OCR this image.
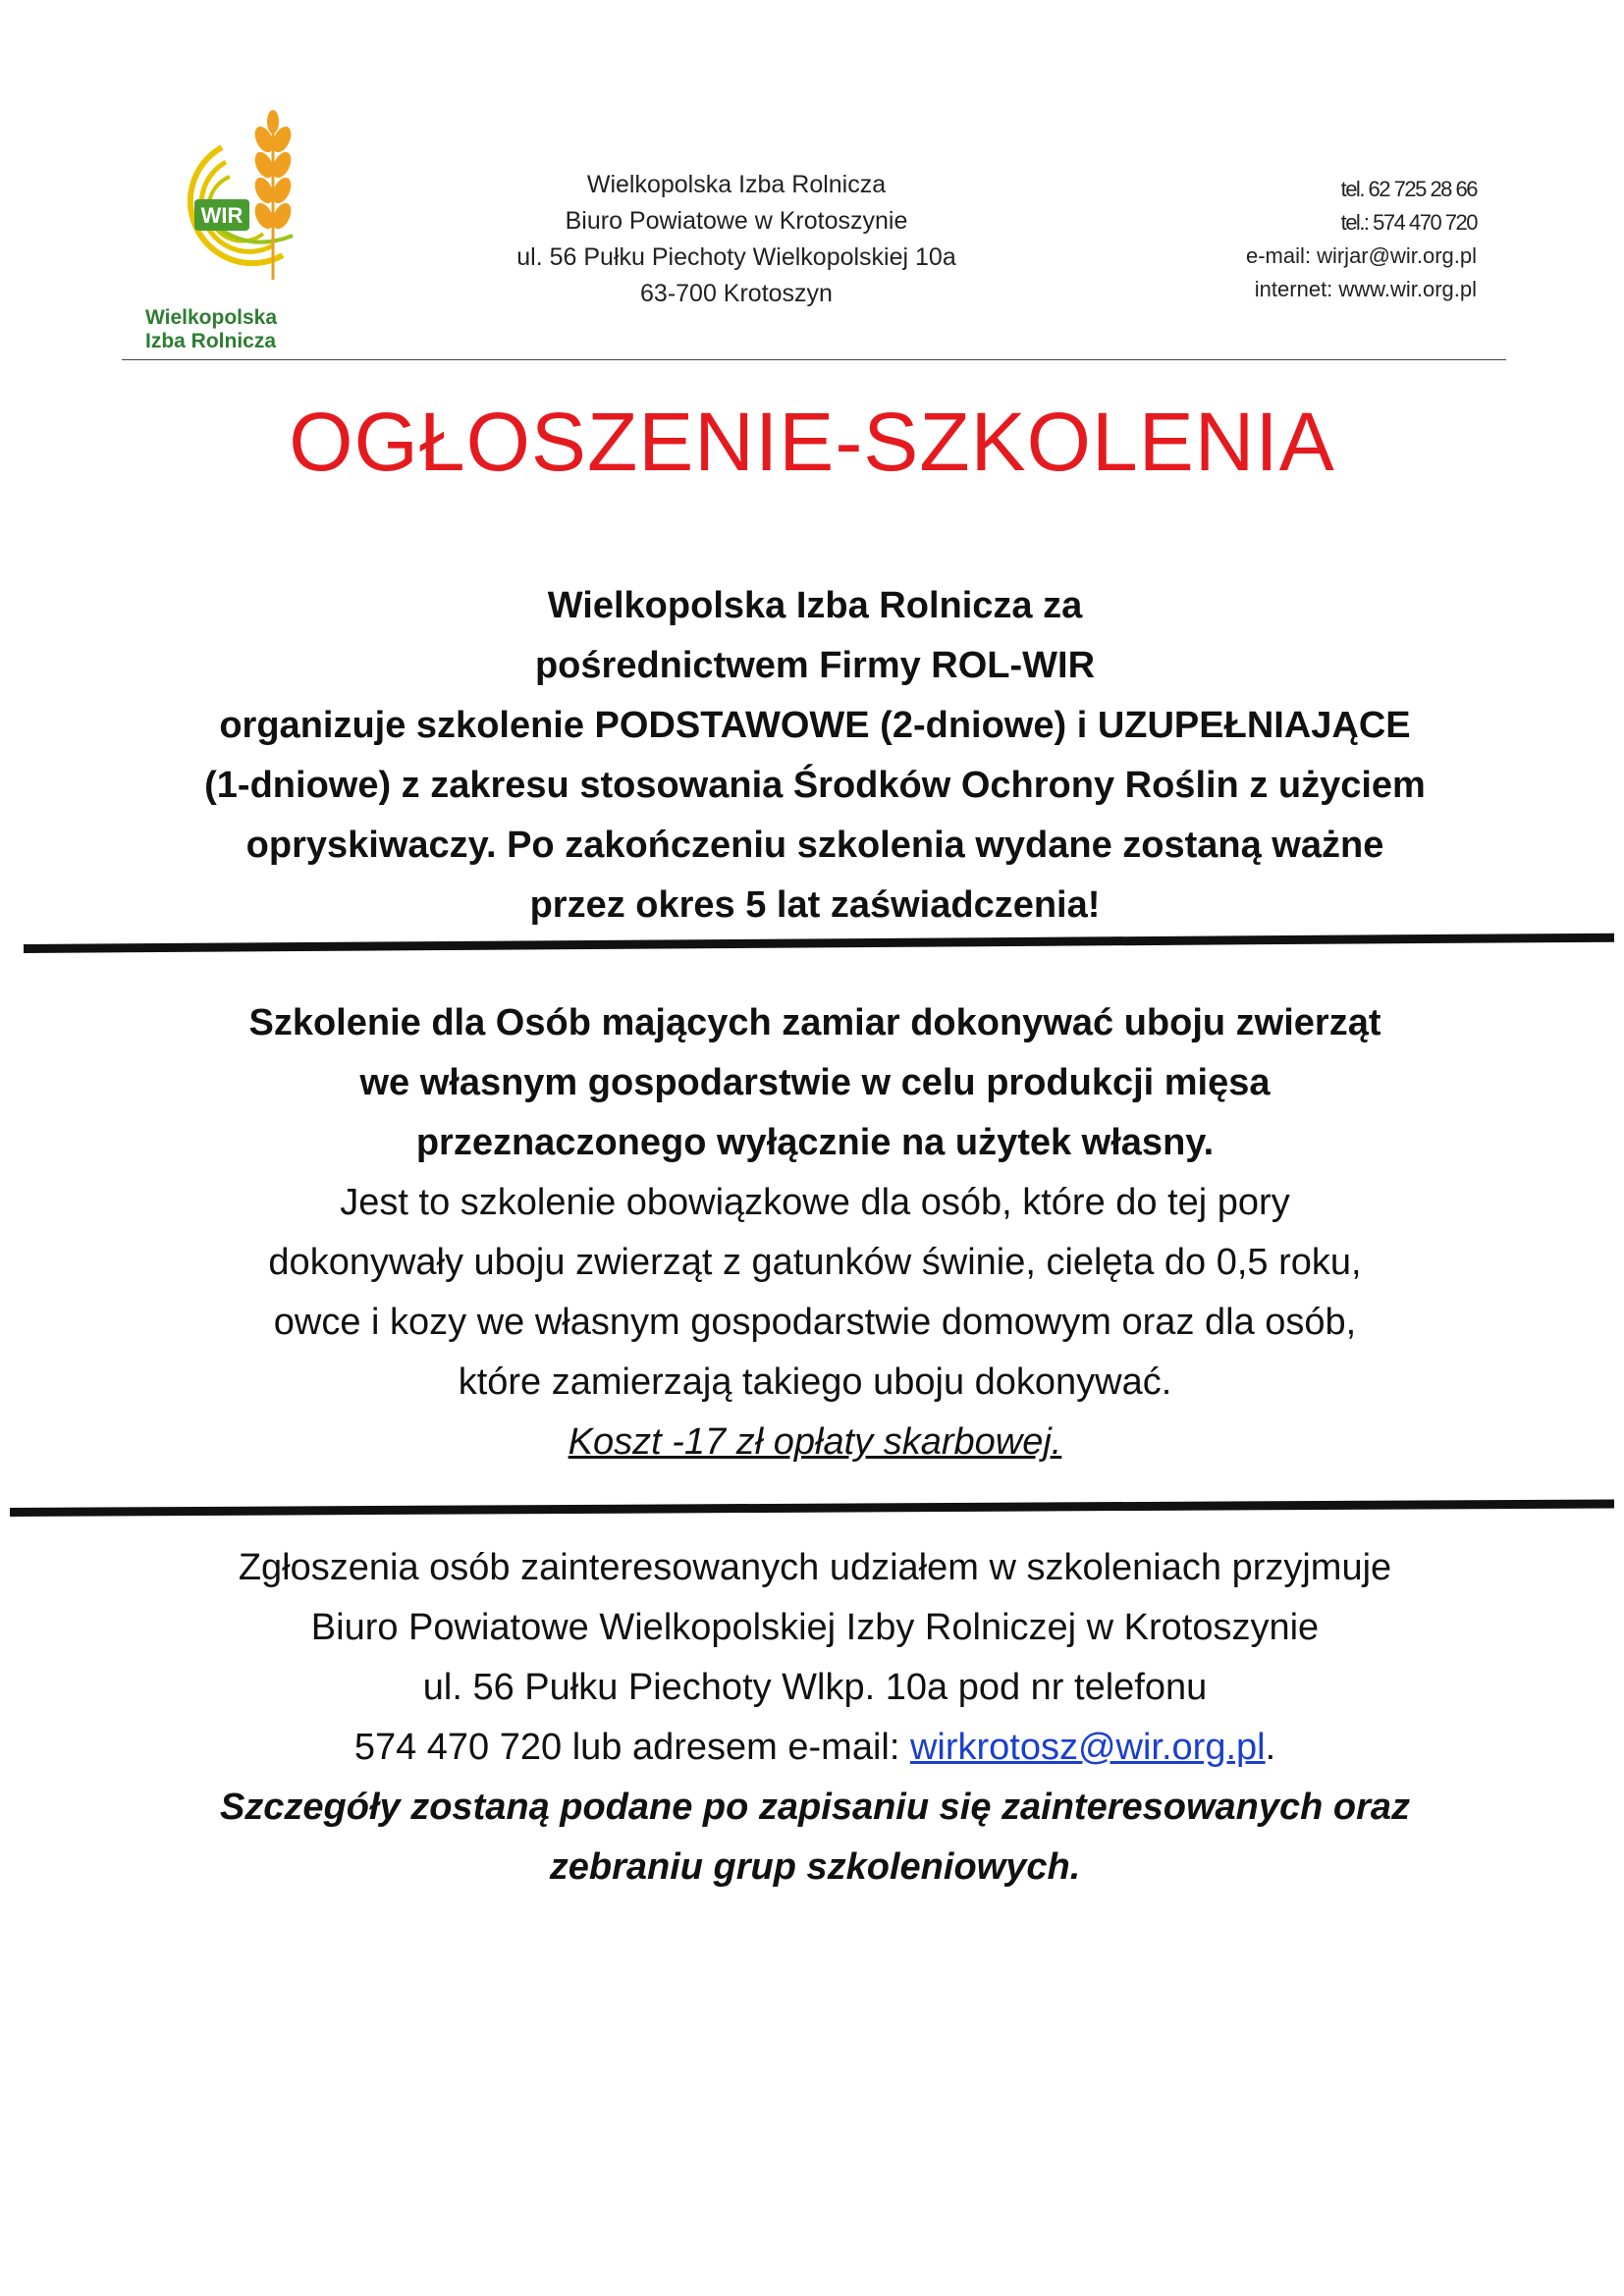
WIR
Wielkopolska
Izba Rolnicza
Wielkopolska Izba Rolnicza
Biuro Powiatowe w Krotoszynie
ul. 56 Pułku Piechoty Wielkopolskiej 10a
63-700 Krotoszyn
tel. 62 725 28 66
tel.: 574 470 720
e-mail: wirjar@wir.org.pl
internet: www.wir.org.pl
OGŁOSZENIE-SZKOLENIA
Wielkopolska Izba Rolnicza za
pośrednictwem Firmy ROL-WIR
organizuje szkolenie PODSTAWOWE (2-dniowe) i UZUPEŁNIAJĄCE
(1-dniowe) z zakresu stosowania Środków Ochrony Roślin z użyciem
opryskiwaczy. Po zakończeniu szkolenia wydane zostaną ważne
przez okres 5 lat zaświadczenia!
Szkolenie dla Osób mających zamiar dokonywać uboju zwierząt
we własnym gospodarstwie w celu produkcji mięsa
przeznaczonego wyłącznie na użytek własny.
Jest to szkolenie obowiązkowe dla osób, które do tej pory
dokonywały uboju zwierząt z gatunków świnie, cielęta do 0,5 roku,
owce i kozy we własnym gospodarstwie domowym oraz dla osób,
które zamierzają takiego uboju dokonywać.
Koszt -17 zł opłaty skarbowej.
Zgłoszenia osób zainteresowanych udziałem w szkoleniach przyjmuje
Biuro Powiatowe Wielkopolskiej Izby Rolniczej w Krotoszynie
ul. 56 Pułku Piechoty Wlkp. 10a pod nr telefonu
574 470 720 lub adresem e-mail: wirkrotosz@wir.org.pl.
Szczegóły zostaną podane po zapisaniu się zainteresowanych oraz
zebraniu grup szkoleniowych.
